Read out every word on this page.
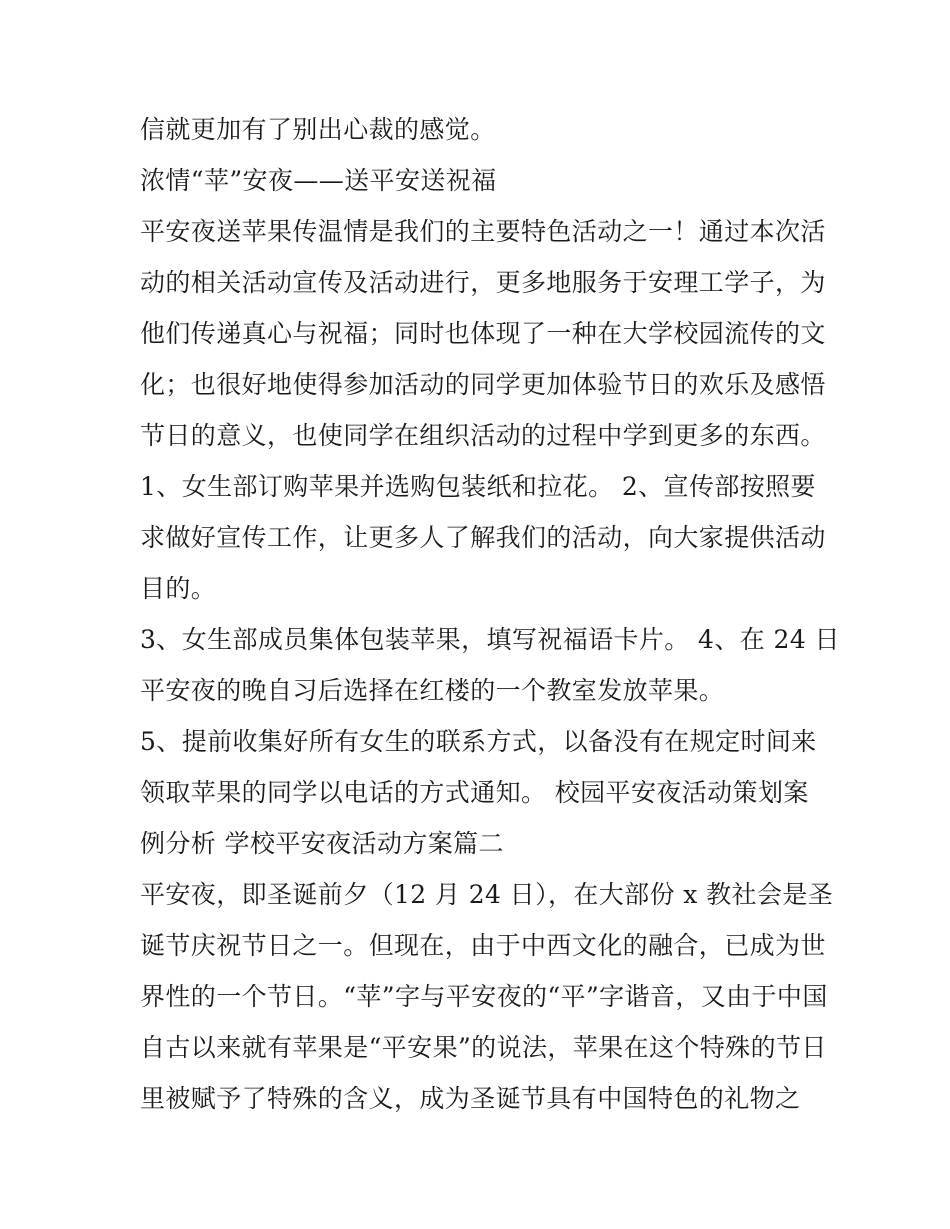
信就更加有了别出心裁的感觉。
浓情“苹”安夜——送平安送祝福
平安夜送苹果传温情是我们的主要特色活动之一！通过本次活
动的相关活动宣传及活动进行，更多地服务于安理工学子，为
他们传递真心与祝福；同时也体现了一种在大学校园流传的文
化；也很好地使得参加活动的同学更加体验节日的欢乐及感悟
节日的意义，也使同学在组织活动的过程中学到更多的东西。
1、女生部订购苹果并选购包装纸和拉花。 2、宣传部按照要
求做好宣传工作，让更多人了解我们的活动，向大家提供活动
目的。
3、女生部成员集体包装苹果，填写祝福语卡片。 4、在 24 日
平安夜的晚自习后选择在红楼的一个教室发放苹果。
5、提前收集好所有女生的联系方式，以备没有在规定时间来
领取苹果的同学以电话的方式通知。 校园平安夜活动策划案
例分析 学校平安夜活动方案篇二
平安夜，即圣诞前夕（12 月 24 日），在大部份 x 教社会是圣
诞节庆祝节日之一。但现在，由于中西文化的融合，已成为世
界性的一个节日。“苹”字与平安夜的“平”字谐音，又由于中国
自古以来就有苹果是“平安果”的说法，苹果在这个特殊的节日
里被赋予了特殊的含义，成为圣诞节具有中国特色的礼物之
